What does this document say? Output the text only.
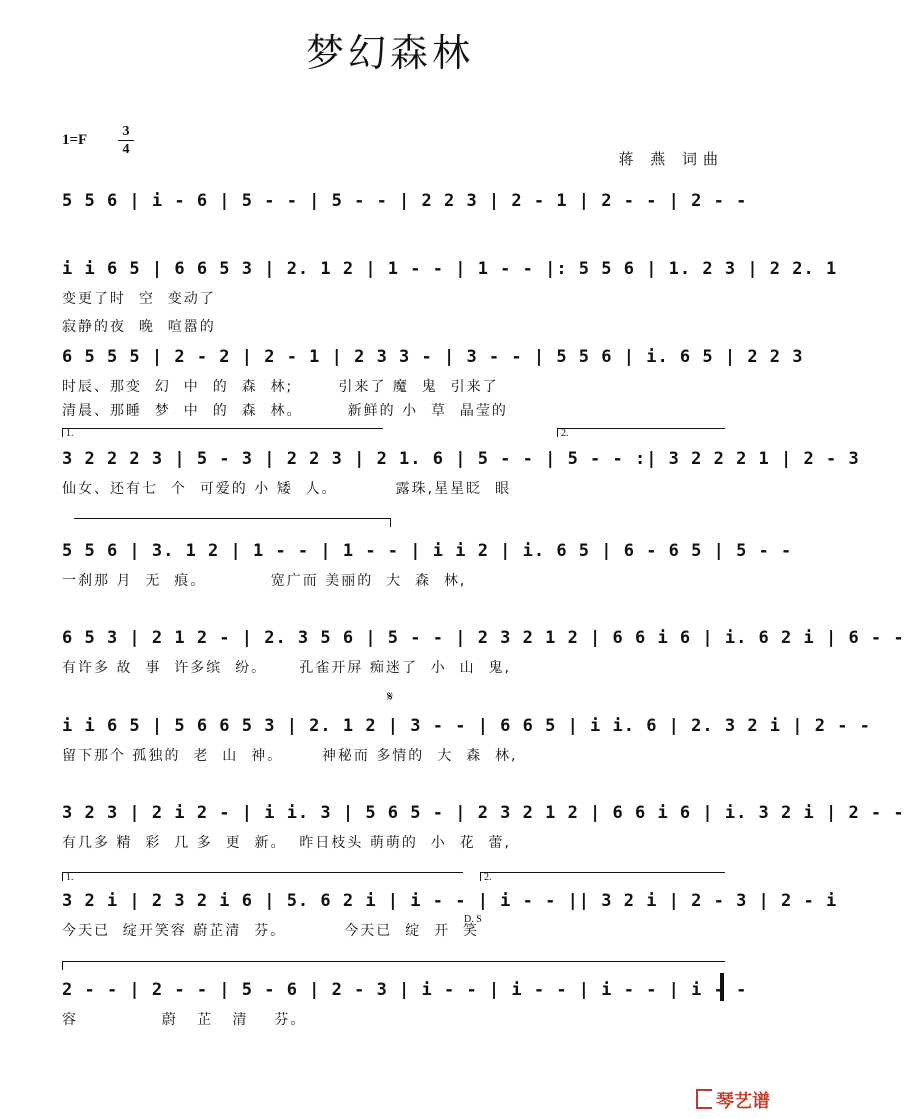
梦幻森林
1=F
3
4
蒋 燕 词曲
5 5 6 | i - 6 | 5 - - | 5 - - | 2 2 3 | 2 - 1 | 2 - - | 2 - -
i i 6 5 | 6 6 5 3 | 2. 1 2 | 1 - - | 1 - - |: 5 5 6 | 1. 2 3 | 2 2. 1
变更了时  空  变动了
寂静的夜  晚  喧嚣的
6 5 5 5 | 2 - 2 | 2 - 1 | 2 3 3 - | 3 - - | 5 5 6 | i. 6 5 | 2 2 3
时辰、那变  幻  中  的  森  林;       引来了 魔  鬼  引来了
清晨、那睡  梦  中  的  森  林。       新鲜的 小  草  晶莹的
1.	2.
3 2 2 2 3 | 5 - 3 | 2 2 3 | 2 1. 6 | 5 - - | 5 - - :| 3 2 2 2 1 | 2 - 3
仙女、还有七  个  可爱的 小 矮  人。         露珠,星星眨  眼
5 5 6 | 3. 1 2 | 1 - - | 1 - - | i i 2 | i. 6 5 | 6 - 6 5 | 5 - -
一刹那 月  无  痕。          宽广而 美丽的  大  森  林,
6 5 3 | 2 1 2 - | 2. 3 5 6 | 5 - - | 2 3 2 1 2 | 6 6 i 6 | i. 6 2 i | 6 - -
有许多 故  事  许多缤  纷。     孔雀开屏 痴迷了  小  山  鬼,
𝄋
i i 6 5 | 5 6 6 5 3 | 2. 1 2 | 3 - - | 6 6 5 | i i. 6 | 2. 3 2 i | 2 - -
留下那个 孤独的  老  山  神。      神秘而 多情的  大  森  林,
3 2 3 | 2 i 2 - | i i. 3 | 5 6 5 - | 2 3 2 1 2 | 6 6 i 6 | i. 3 2 i | 2 - -
有几多 精  彩  几 多  更  新。  昨日枝头 萌萌的  小  花  蕾,
1.	2.
3 2 i | 2 3 2 i 6 | 5. 6 2 i | i - - | i - - || 3 2 i | 2 - 3 | 2 - i
D. S
今天已  绽开笑容 蔚芷清  芬。         今天已  绽  开  笑
2 - - | 2 - - | 5 - 6 | 2 - 3 | i - - | i - - | i - - | i - -
容             蔚   芷   清    芬。
琴艺谱
